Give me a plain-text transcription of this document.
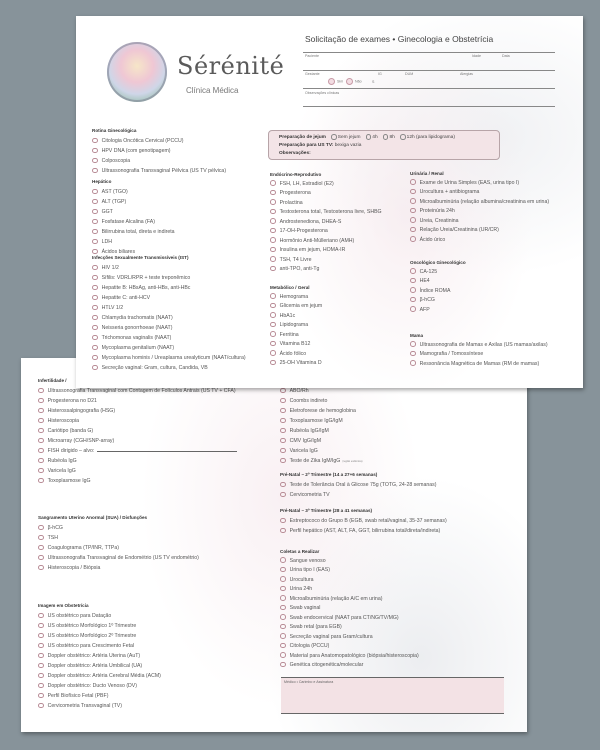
Infertilidade /
Ultrassonografia Transvaginal com Contagem de Folículos Antrais (US TV + CFA)
Progesterona no D21
Histerossalpingografia (HSG)
Histeroscopia
Cariótipo (banda G)
Microarray (CGH/SNP-array)
FISH dirigido – alvo:
Rubéola IgG
Varicela IgG
Toxoplasmose IgG
Sangramento Uterino Anormal (SUA) / Disfunções
β-hCG
TSH
Coagulograma (TP/INR, TTPa)
Ultrassonografia Transvaginal de Endométrio (US TV endométrio)
Histeroscopia / Biópsia
Imagem em Obstetrícia
US obstétrico para Datação
US obstétrico Morfológico 1º Trimestre
US obstétrico Morfológico 2º Trimestre
US obstétrico para Crescimento Fetal
Doppler obstétrico: Artéria Uterina (AuT)
Doppler obstétrico: Artéria Umbilical (UA)
Doppler obstétrico: Artéria Cerebral Média (ACM)
Doppler obstétrico: Ducto Venoso (DV)
Perfil Biofísico Fetal (PBF)
Cervicometria Transvaginal (TV)
ABO/Rh
Coombs indireto
Eletroforese de hemoglobina
Toxoplasmose IgG/IgM
Rubéola IgG/IgM
CMV IgG/IgM
Varicela IgG
Teste de Zika IgM/IgG (região endêmica)
Pré-Natal – 2º Trimestre (14 a 27+6 semanas)
Teste de Tolerância Oral à Glicose 75g (TOTG, 24-28 semanas)
Cervicometria TV
Pré-Natal – 3º Trimestre (28 a 41 semanas)
Estreptococo do Grupo B (EGB, swab retal/vaginal, 35-37 semanas)
Perfil hepático (AST, ALT, FA, GGT, bilirrubina total/direta/indireta)
Coletas a Realizar
Sangue venoso
Urina tipo I (EAS)
Urocultura
Urina 24h
Microalbuminúria (relação A/C em urina)
Swab vaginal
Swab endocervical (NAAT para CT/NG/TV/MG)
Swab retal (para EGB)
Secreção vaginal para Gram/cultura
Citologia (PCCU)
Material para Anatomopatológico (biópsia/histeroscopia)
Genética citogenética/molecular
Médico • Carimbo e Assinatura
Sérénité
Clínica Médica
Solicitação de exames • Ginecologia e Obstetrícia
Paciente	Idade	Data
Gestante
Sim	Não	S
IG	DUM	Alergias
Observações clínicas
Preparação de jejum Sem jejum 4h 8h 12h (para lipidograma)
Preparação para US TV: bexiga vazia
Observações:
Rotina Ginecológica
Citologia Oncótica Cervical (PCCU)
HPV DNA (com genotipagem)
Colposcopia
Ultrassonografia Transvaginal Pélvica (US TV pélvica)
Hepático
AST (TGO)
ALT (TGP)
GGT
Fosfatase Alcalina (FA)
Bilirrubina total, direta e indireta
LDH
Ácidos biliares
Infecções Sexualmente Transmissíveis (IST)
HIV 1/2
Sífilis: VDRL/RPR + teste treponêmico
Hepatite B: HBsAg, anti-HBs, anti-HBc
Hepatite C: anti-HCV
HTLV 1/2
Chlamydia trachomatis (NAAT)
Neisseria gonorrhoeae (NAAT)
Trichomonas vaginalis (NAAT)
Mycoplasma genitalium (NAAT)
Mycoplasma hominis / Ureaplasma urealyticum (NAAT/cultura)
Secreção vaginal: Gram, cultura, Candida, VB
Endócrino-Reprodutivo
FSH, LH, Estradiol (E2)
Progesterona
Prolactina
Testosterona total, Testosterona livre, SHBG
Androstenediona, DHEA-S
17-OH-Progesterona
Hormônio Anti-Mülleriano (AMH)
Insulina em jejum, HOMA-IR
TSH, T4 Livre
anti-TPO, anti-Tg
Metabólico / Geral
Hemograma
Glicemia em jejum
HbA1c
Lipidograma
Ferritina
Vitamina B12
Ácido fólico
25-OH Vitamina D
Urinária / Renal
Exame de Urina Simples (EAS, urina tipo I)
Urocultura + antibiograma
Microalbuminúria (relação albumina/creatinina em urina)
Proteinúria 24h
Ureia, Creatinina
Relação Ureia/Creatinina (UR/CR)
Ácido úrico
Oncológico Ginecológico
CA-125
HE4
Índice ROMA
β-hCG
AFP
Mama
Ultrassonografia de Mamas e Axilas (US mamas/axilas)
Mamografia / Tomossíntese
Ressonância Magnética de Mamas (RM de mamas)
